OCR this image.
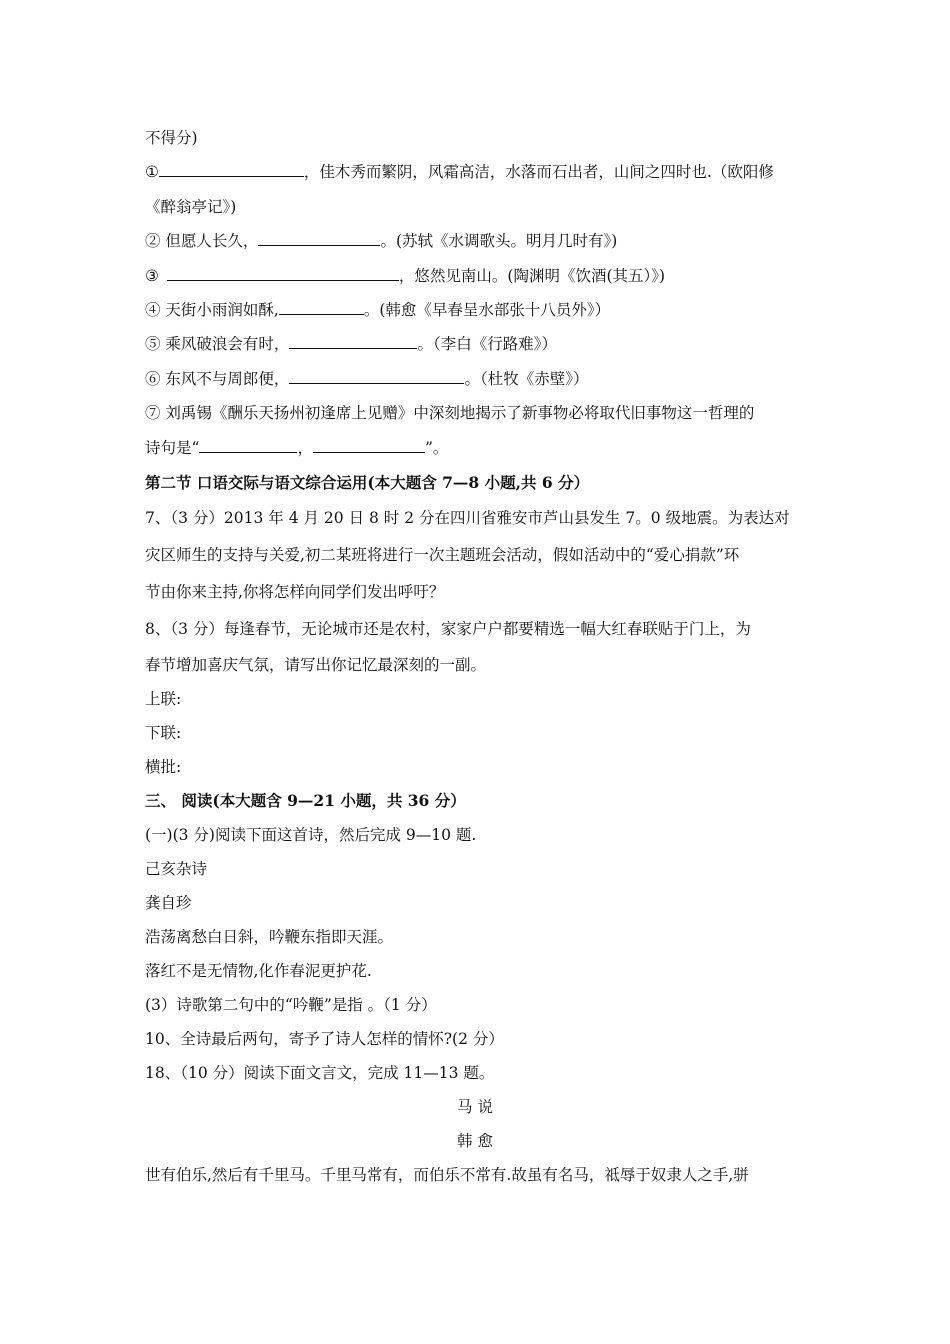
不得分)
①	，佳木秀而繁阴，风霜高洁，水落而石出者，山间之四时也.（欧阳修
《醉翁亭记》)
② 但愿人长久，	。(苏轼《水调歌头。明月几时有》)
③	，悠然见南山。(陶渊明《饮酒(其五）》)
④ 天街小雨润如酥,	。(韩愈《早春呈水部张十八员外》）
⑤ 乘风破浪会有时，	。（李白《行路难》）
⑥ 东风不与周郎便，	。（杜牧《赤壁》）
⑦ 刘禹锡《酬乐天扬州初逢席上见赠》中深刻地揭示了新事物必将取代旧事物这一哲理的
诗句是“	，	”。
第二节 口语交际与语文综合运用(本大题含 7—8 小题,共 6 分）
7、（3 分）2013 年 4 月 20 日 8 时 2 分在四川省雅安市芦山县发生 7。0 级地震。为表达对
灾区师生的支持与关爱,初二某班将进行一次主题班会活动，假如活动中的“爱心捐款”环
节由你来主持,你将怎样向同学们发出呼吁？
8、（3 分）每逢春节，无论城市还是农村，家家户户都要精选一幅大红春联贴于门上，为
春节增加喜庆气氛，请写出你记忆最深刻的一副。
上联:
下联:
横批:
三、 阅读(本大题含 9—21 小题，共 36 分）
(一)(3 分)阅读下面这首诗，然后完成 9—10 题.
己亥杂诗
龚自珍
浩荡离愁白日斜，吟鞭东指即天涯。
落红不是无情物,化作春泥更护花.
(3）诗歌第二句中的“吟鞭”是指 。（1 分）
10、全诗最后两句，寄予了诗人怎样的情怀?(2 分）
18、（10 分）阅读下面文言文，完成 11—13 题。
马 说
韩 愈
世有伯乐,然后有千里马。千里马常有，而伯乐不常有.故虽有名马，祗辱于奴隶人之手,骈
